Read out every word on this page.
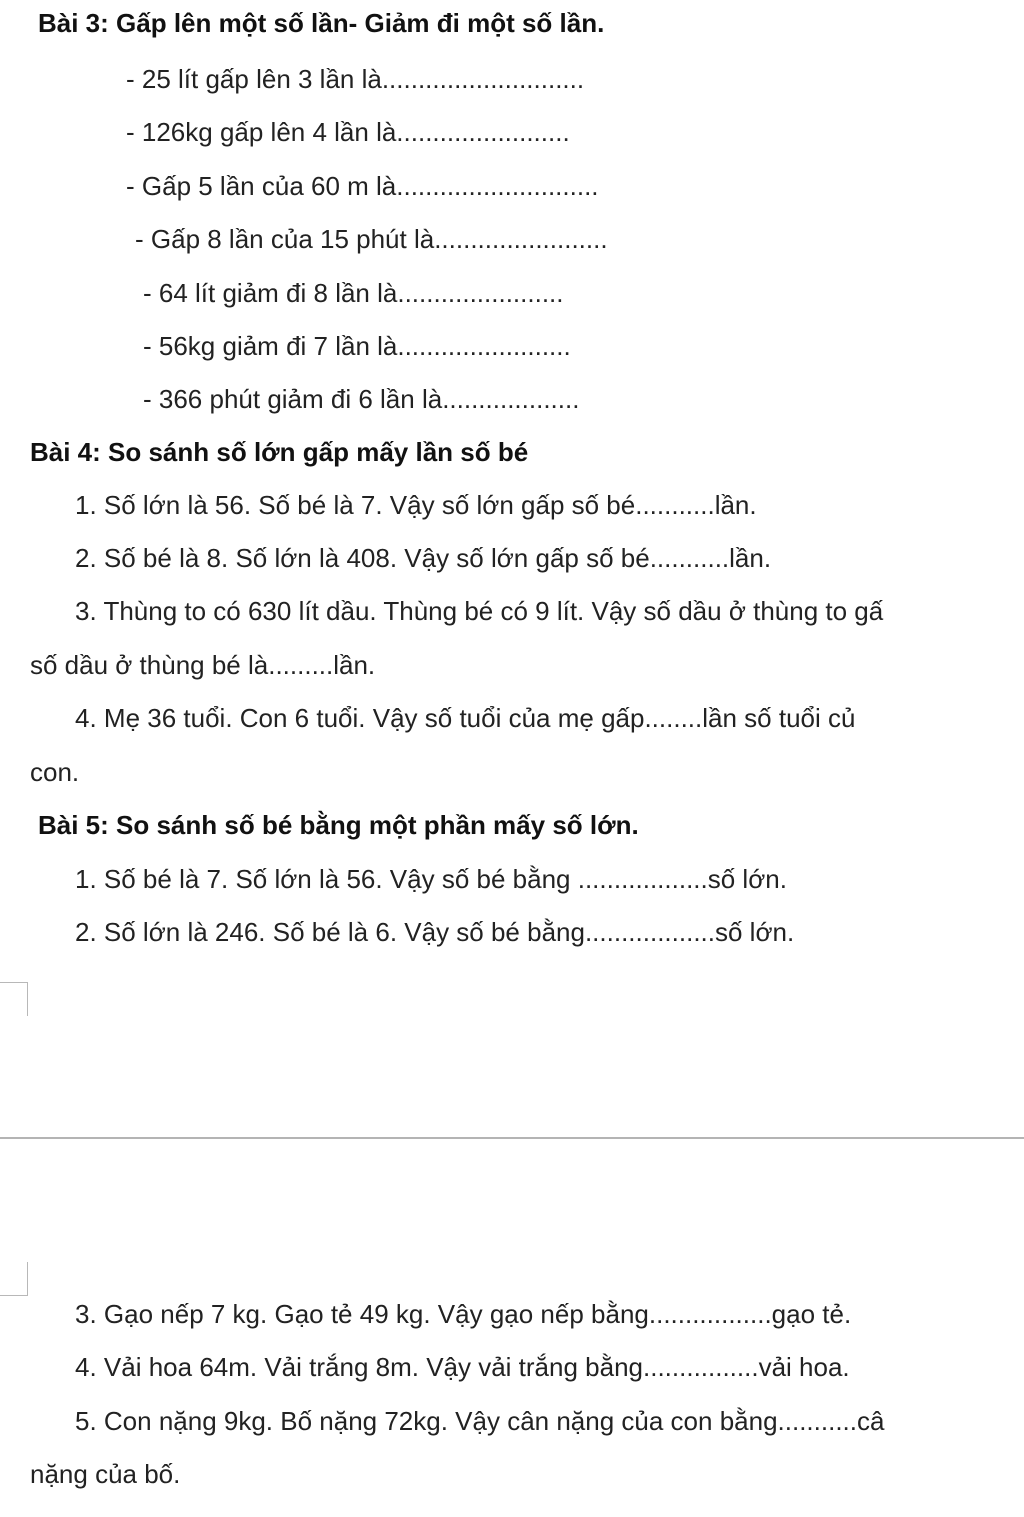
Bài 3: Gấp lên một số lần- Giảm đi một số lần.
- 25 lít gấp lên 3 lần là............................
- 126kg gấp lên 4 lần là........................
- Gấp 5 lần của 60 m là............................
- Gấp 8 lần của 15 phút là........................
- 64 lít giảm đi 8 lần là.......................
- 56kg giảm đi 7 lần là........................
- 366 phút giảm đi 6 lần là...................
Bài 4: So sánh số lớn gấp mấy lần số bé
1. Số lớn là 56. Số bé là 7. Vậy số lớn gấp số bé...........lần.
2. Số bé là 8. Số lớn là 408. Vậy số lớn gấp số bé...........lần.
3. Thùng to có 630 lít dầu. Thùng bé có 9 lít. Vậy số dầu ở thùng to gấ
số dầu ở thùng bé là.........lần.
4. Mẹ 36 tuổi. Con 6 tuổi. Vậy số tuổi của mẹ gấp........lần số tuổi củ
con.
Bài 5: So sánh số bé bằng một phần mấy số lớn.
1. Số bé là 7. Số lớn là 56. Vậy số bé bằng ..................số lớn.
2. Số lớn là 246. Số bé là 6. Vậy số bé bằng..................số lớn.
3. Gạo nếp 7 kg. Gạo tẻ 49 kg. Vậy gạo nếp bằng.................gạo tẻ.
4. Vải hoa 64m. Vải trắng 8m. Vậy vải trắng bằng................vải hoa.
5. Con nặng 9kg. Bố nặng 72kg. Vậy cân nặng của con bằng...........câ
nặng của bố.
